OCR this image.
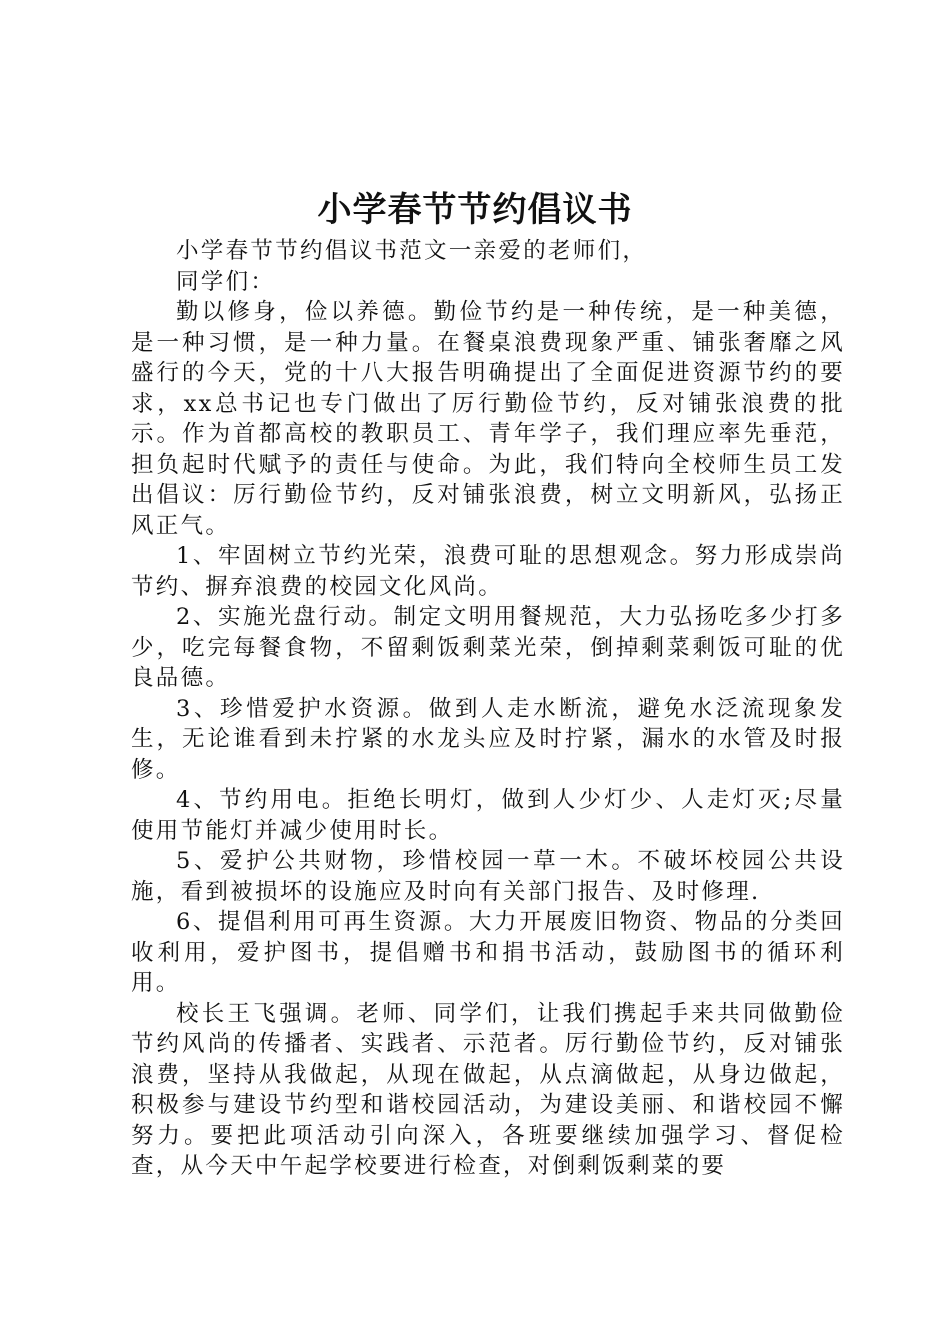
小学春节节约倡议书

小学春节节约倡议书范文一亲爱的老师们，

同学们：

勤以修身，俭以养德。勤俭节约是一种传统，是一种美德，是一种习惯，是一种力量。在餐桌浪费现象严重、铺张奢靡之风盛行的今天，党的十八大报告明确提出了全面促进资源节约的要求，xx总书记也专门做出了厉行勤俭节约，反对铺张浪费的批示。作为首都高校的教职员工、青年学子，我们理应率先垂范，担负起时代赋予的责任与使命。为此，我们特向全校师生员工发出倡议：厉行勤俭节约，反对铺张浪费，树立文明新风，弘扬正风正气。

1、牢固树立节约光荣，浪费可耻的思想观念。努力形成崇尚节约、摒弃浪费的校园文化风尚。

2、实施光盘行动。制定文明用餐规范，大力弘扬吃多少打多少，吃完每餐食物，不留剩饭剩菜光荣，倒掉剩菜剩饭可耻的优良品德。

3、珍惜爱护水资源。做到人走水断流，避免水泛流现象发生，无论谁看到未拧紧的水龙头应及时拧紧，漏水的水管及时报修。

4、节约用电。拒绝长明灯，做到人少灯少、人走灯灭;尽量使用节能灯并减少使用时长。

5、爱护公共财物，珍惜校园一草一木。不破坏校园公共设施，看到被损坏的设施应及时向有关部门报告、及时修理.

6、提倡利用可再生资源。大力开展废旧物资、物品的分类回收利用，爱护图书，提倡赠书和捐书活动，鼓励图书的循环利用。

校长王飞强调。老师、同学们，让我们携起手来共同做勤俭节约风尚的传播者、实践者、示范者。厉行勤俭节约，反对铺张浪费，坚持从我做起，从现在做起，从点滴做起，从身边做起，积极参与建设节约型和谐校园活动，为建设美丽、和谐校园不懈努力。要把此项活动引向深入，各班要继续加强学习、督促检查，从今天中午起学校要进行检查，对倒剩饭剩菜的要
